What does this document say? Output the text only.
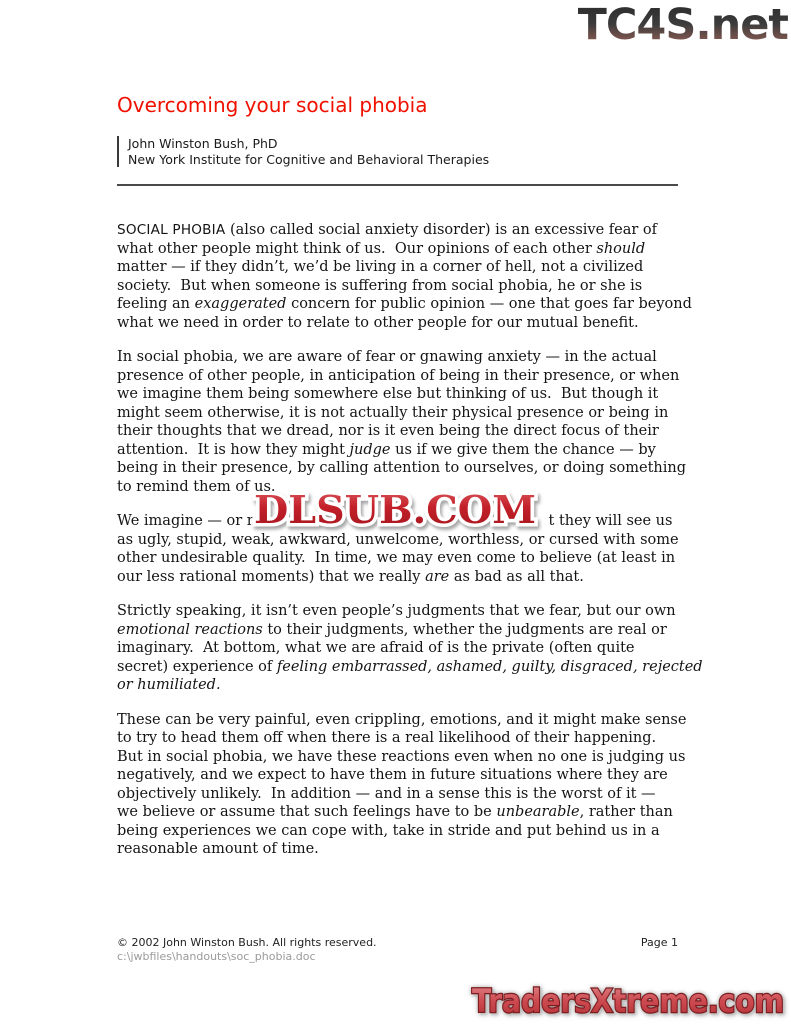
TC4S.net
Overcoming your social phobia
John Winston Bush, PhD
New York Institute for Cognitive and Behavioral Therapies
SOCIAL PHOBIA (also called social anxiety disorder) is an excessive fear of
what other people might think of us.  Our opinions of each other should
matter — if they didn’t, we’d be living in a corner of hell, not a civilized
society.  But when someone is suffering from social phobia, he or she is
feeling an exaggerated concern for public opinion — one that goes far beyond
what we need in order to relate to other people for our mutual benefit.
In social phobia, we are aware of fear or gnawing anxiety — in the actual
presence of other people, in anticipation of being in their presence, or when
we imagine them being somewhere else but thinking of us.  But though it
might seem otherwise, it is not actually their physical presence or being in
their thoughts that we dread, nor is it even being the direct focus of their
attention.  It is how they might judge us if we give them the chance — by
being in their presence, by calling attention to ourselves, or doing something
to remind them of us.
We imagine — or m	t they will see us
as ugly, stupid, weak, awkward, unwelcome, worthless, or cursed with some
other undesirable quality.  In time, we may even come to believe (at least in
our less rational moments) that we really are as bad as all that.
Strictly speaking, it isn’t even people’s judgments that we fear, but our own
emotional reactions to their judgments, whether the judgments are real or
imaginary.  At bottom, what we are afraid of is the private (often quite
secret) experience of feeling embarrassed, ashamed, guilty, disgraced, rejected
or humiliated.
These can be very painful, even crippling, emotions, and it might make sense
to try to head them off when there is a real likelihood of their happening.
But in social phobia, we have these reactions even when no one is judging us
negatively, and we expect to have them in future situations where they are
objectively unlikely.  In addition — and in a sense this is the worst of it —
we believe or assume that such feelings have to be unbearable, rather than
being experiences we can cope with, take in stride and put behind us in a
reasonable amount of time.
DLSUB.COM
© 2002 John Winston Bush. All rights reserved.
c:\jwbfiles\handouts\soc_phobia.doc
Page 1
TradersXtreme.com
